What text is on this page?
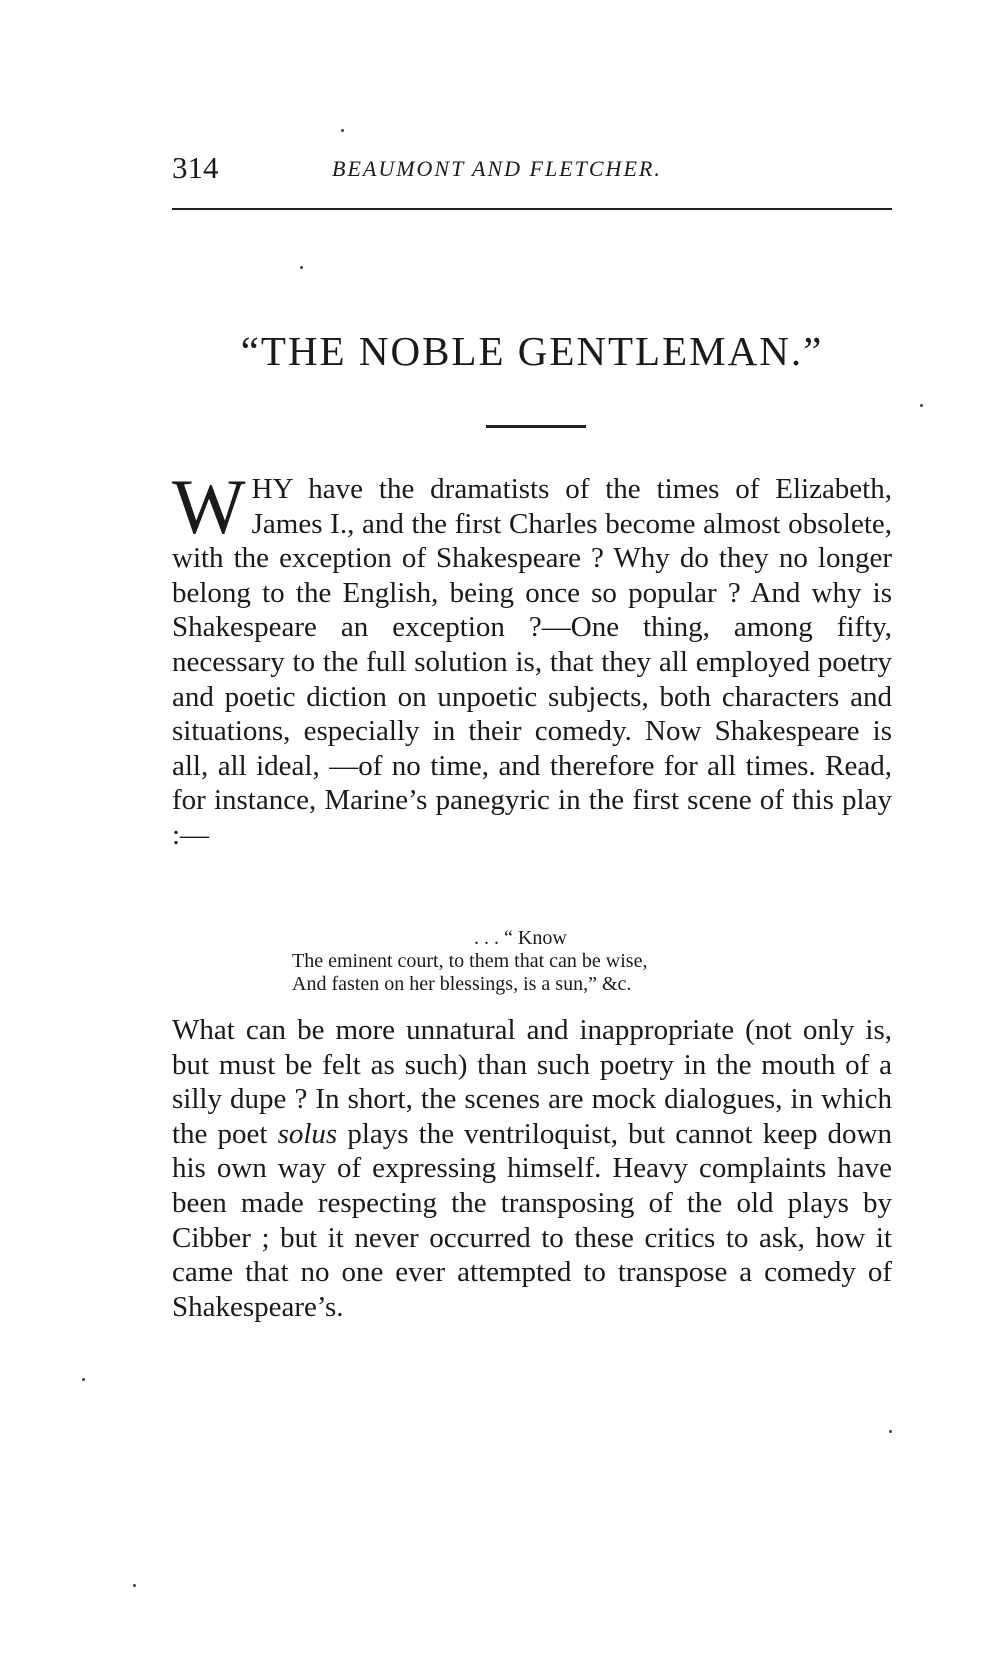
314	BEAUMONT AND FLETCHER.
“THE NOBLE GENTLEMAN.”

WHY have the dramatists of the times of Elizabeth, James I., and the first Charles become almost obsolete, with the exception of Shakespeare ? Why do they no longer belong to the English, being once so popular ? And why is Shakespeare an exception ?—One thing, among fifty, necessary to the full solution is, that they all employed poetry and poetic diction on unpoetic subjects, both characters and situations, especially in their comedy. Now Shakespeare is all, all ideal, —of no time, and therefore for all times. Read, for instance, Marine’s panegyric in the first scene of this play :—

. . . “ Know
The eminent court, to them that can be wise,
And fasten on her blessings, is a sun,” &c.

What can be more unnatural and inappropriate (not only is, but must be felt as such) than such poetry in the mouth of a silly dupe ? In short, the scenes are mock dialogues, in which the poet solus plays the ventriloquist, but cannot keep down his own way of expressing himself. Heavy complaints have been made respecting the transposing of the old plays by Cibber ; but it never occurred to these critics to ask, how it came that no one ever attempted to transpose a comedy of Shakespeare’s.
